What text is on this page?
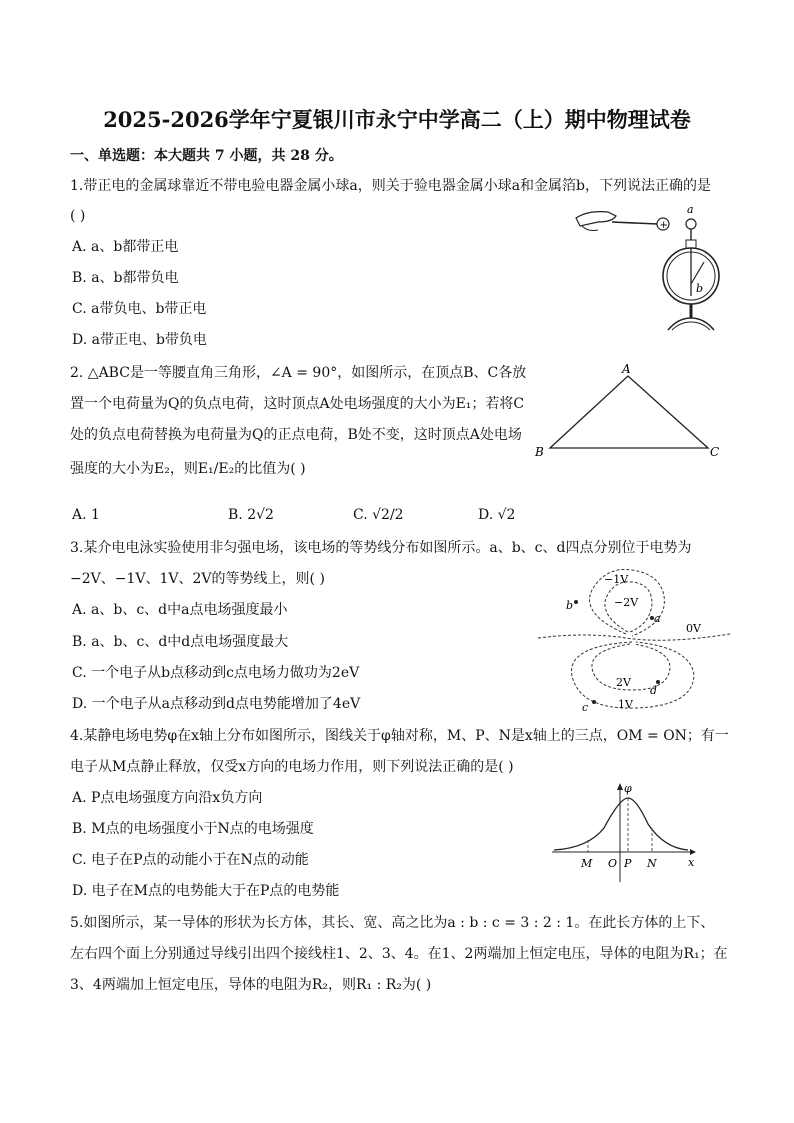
2025-2026学年宁夏银川市永宁中学高二（上）期中物理试卷
一、单选题：本大题共 7 小题，共 28 分。
1.带正电的金属球靠近不带电验电器金属小球a，则关于验电器金属小球a和金属箔b，下列说法正确的是
( )
A. a、b都带正电
B. a、b都带负电
C. a带负电、b带正电
D. a带正电、b带负电
+
a
b
2. △ABC是一等腰直角三角形，∠A = 90°，如图所示，在顶点B、C各放
置一个电荷量为Q的负点电荷，这时顶点A处电场强度的大小为E₁；若将C
处的负点电荷替换为电荷量为Q的正点电荷，B处不变，这时顶点A处电场
强度的大小为E₂，则E₁/E₂的比值为( )
A. 1	B. 2√2	C. √2/2	D. √2
A
B	C
3.某介电电泳实验使用非匀强电场，该电场的等势线分布如图所示。a、b、c、d四点分别位于电势为
−2V、−1V、1V、2V的等势线上，则( )
A. a、b、c、d中a点电场强度最小
B. a、b、c、d中d点电场强度最大
C. 一个电子从b点移动到c点电场力做功为2eV
D. 一个电子从a点移动到d点电势能增加了4eV
−1V
−2V
0V
2V
1V
a
b
c
d
4.某静电场电势φ在x轴上分布如图所示，图线关于φ轴对称，M、P、N是x轴上的三点，OM = ON；有一
电子从M点静止释放，仅受x方向的电场力作用，则下列说法正确的是( )
A. P点电场强度方向沿x负方向
B. M点的电场强度小于N点的电场强度
C. 电子在P点的动能小于在N点的动能
D. 电子在M点的电势能大于在P点的电势能
φ
M O P N	x
5.如图所示，某一导体的形状为长方体，其长、宽、高之比为a : b : c = 3 : 2 : 1。在此长方体的上下、
左右四个面上分别通过导线引出四个接线柱1、2、3、4。在1、2两端加上恒定电压，导体的电阻为R₁；在
3、4两端加上恒定电压，导体的电阻为R₂，则R₁ : R₂为( )
